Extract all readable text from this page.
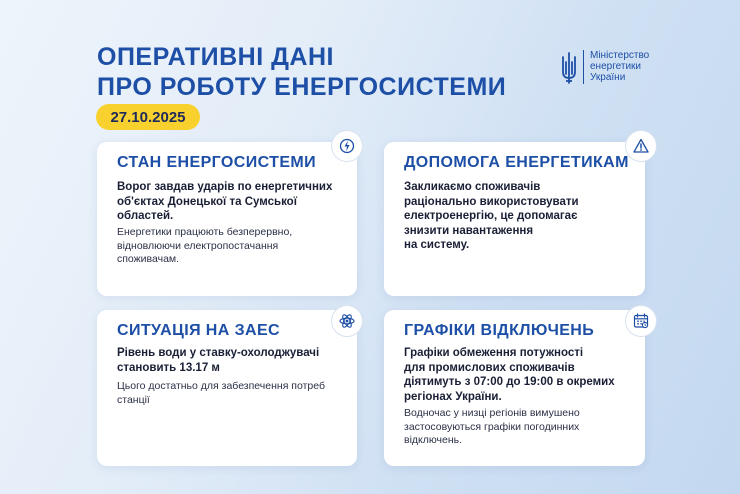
ОПЕРАТИВНІ ДАНІ
ПРО РОБОТУ ЕНЕРГОСИСТЕМИ
Міністерство
енергетики
України
27.10.2025
СТАН ЕНЕРГОСИСТЕМИ

Ворог завдав ударів по енергетичних об'єктах Донецької та Сумської областей.

Енергетики працюють безперервно, відновлюючи електропостачання споживачам.

ДОПОМОГА ЕНЕРГЕТИКАМ

Закликаємо споживачів
раціонально використовувати
електроенергію, це допомагає
знизити навантаження
на систему.

СИТУАЦІЯ НА ЗАЕС

Рівень води у ставку-охолоджувачі
становить 13.17 м

Цього достатньо для забезпечення потреб станції

ГРАФІКИ ВІДКЛЮЧЕНЬ

Графіки обмеження потужності
для промислових споживачів
діятимуть з 07:00 до 19:00 в окремих
регіонах України.

Водночас у низці регіонів вимушено
застосовуються графіки погодинних
відключень.
